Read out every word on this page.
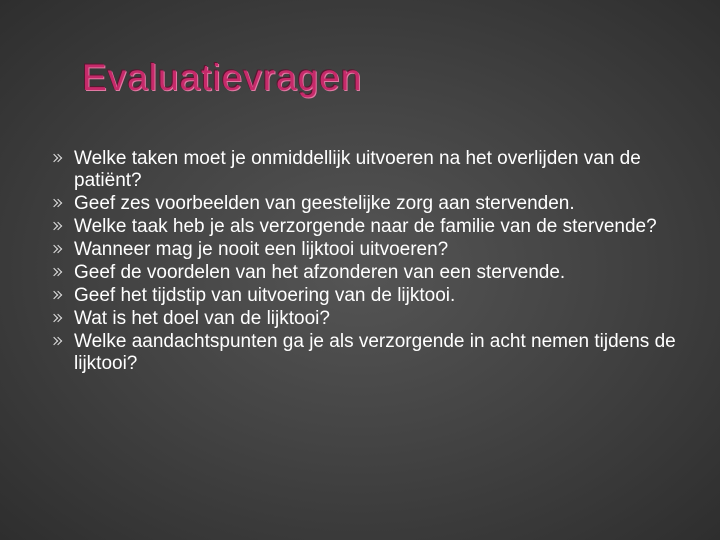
Evaluatievragen
Welke taken moet je onmiddellijk uitvoeren na het overlijden van de patiënt?
Geef zes voorbeelden van geestelijke zorg aan stervenden.
Welke taak heb je als verzorgende naar de familie van de stervende?
Wanneer mag je nooit een lijktooi uitvoeren?
Geef de voordelen van het afzonderen van een stervende.
Geef het tijdstip van uitvoering van de lijktooi.
Wat is het doel van de lijktooi?
Welke aandachtspunten ga je als verzorgende in acht nemen tijdens de lijktooi?
